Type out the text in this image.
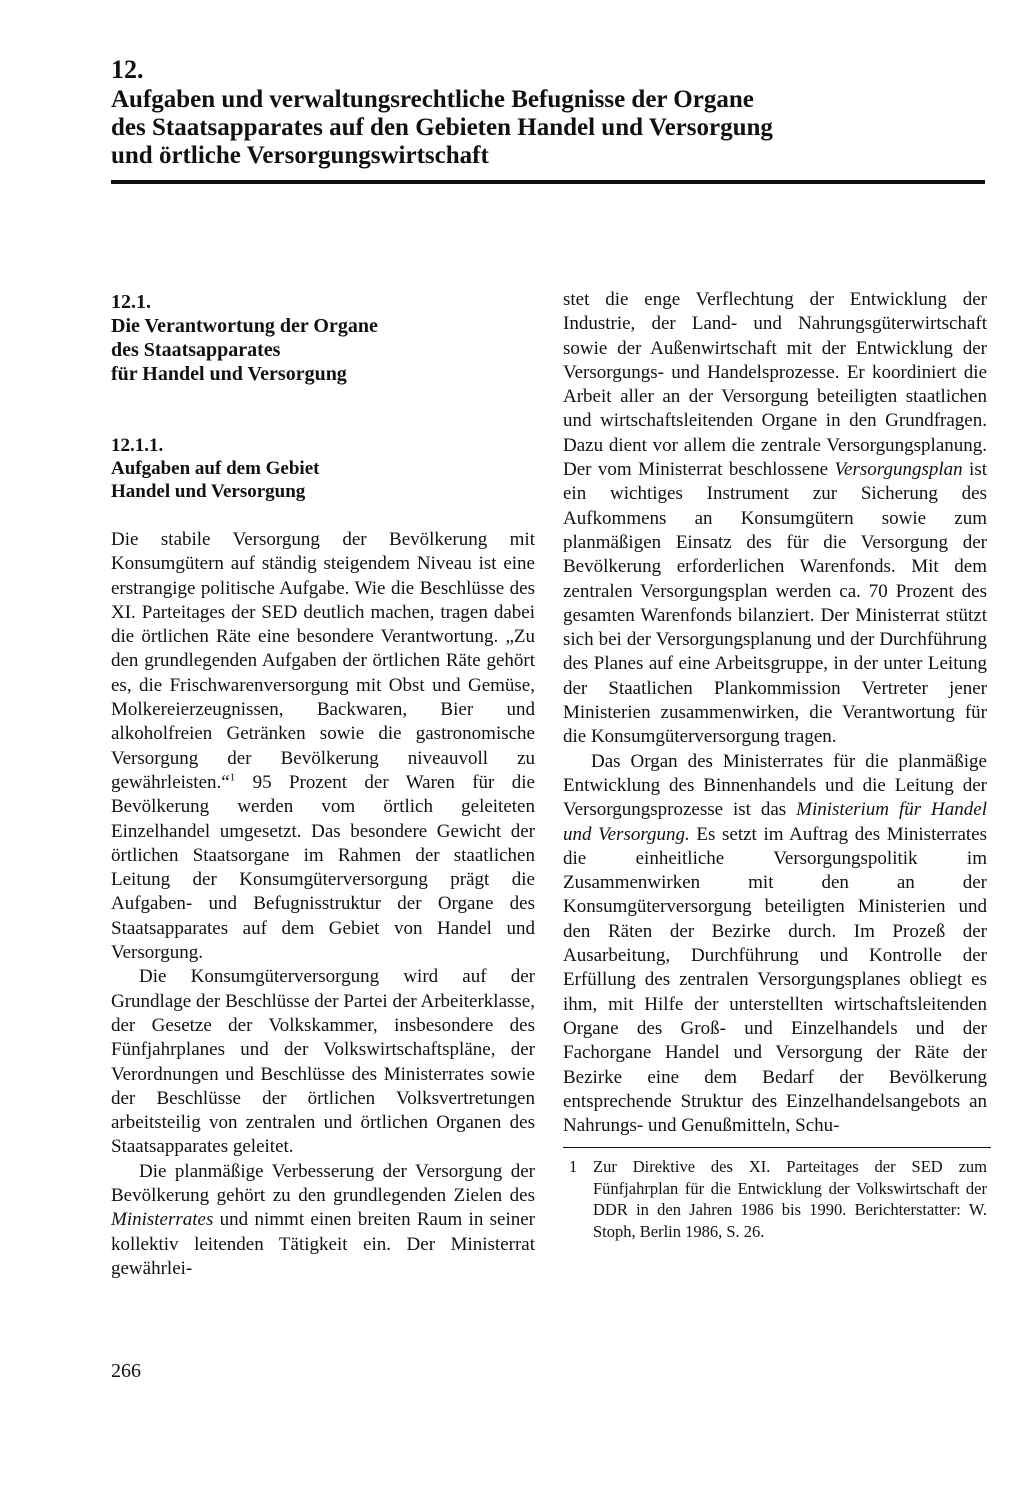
12.
Aufgaben und verwaltungsrechtliche Befugnisse der Organe
des Staatsapparates auf den Gebieten Handel und Versorgung
und örtliche Versorgungswirtschaft
12.1.
Die Verantwortung der Organe
des Staatsapparates
für Handel und Versorgung
12.1.1.
Aufgaben auf dem Gebiet
Handel und Versorgung

Die stabile Versorgung der Bevölkerung mit Konsumgütern auf ständig steigendem Niveau ist eine erstrangige politische Aufgabe. Wie die Beschlüsse des XI. Parteitages der SED deutlich machen, tragen dabei die örtlichen Räte eine besondere Verantwortung. „Zu den grundlegenden Aufgaben der örtlichen Räte gehört es, die Frischwarenversorgung mit Obst und Gemüse, Molkereierzeugnissen, Backwaren, Bier und alkoholfreien Getränken sowie die gastronomische Versorgung der Bevölkerung niveauvoll zu gewährleisten.“$^1$ 95 Prozent der Waren für die Bevölkerung werden vom örtlich geleiteten Einzelhandel umgesetzt. Das besondere Gewicht der örtlichen Staatsorgane im Rahmen der staatlichen Leitung der Konsumgüterversorgung prägt die Aufgaben- und Befugnisstruktur der Organe des Staatsapparates auf dem Gebiet von Handel und Versorgung.

Die Konsumgüterversorgung wird auf der Grundlage der Beschlüsse der Partei der Arbeiterklasse, der Gesetze der Volkskammer, insbesondere des Fünfjahrplanes und der Volkswirtschaftspläne, der Verordnungen und Beschlüsse des Ministerrates sowie der Beschlüsse der örtlichen Volksvertretungen arbeitsteilig von zentralen und örtlichen Organen des Staatsapparates geleitet.

Die planmäßige Verbesserung der Versorgung der Bevölkerung gehört zu den grundlegenden Zielen des Ministerrates und nimmt einen breiten Raum in seiner kollektiv leitenden Tätigkeit ein. Der Ministerrat gewährlei-

stet die enge Verflechtung der Entwicklung der Industrie, der Land- und Nahrungsgüterwirtschaft sowie der Außenwirtschaft mit der Entwicklung der Versorgungs- und Handelsprozesse. Er koordiniert die Arbeit aller an der Versorgung beteiligten staatlichen und wirtschaftsleitenden Organe in den Grundfragen. Dazu dient vor allem die zentrale Versorgungsplanung. Der vom Ministerrat beschlossene Versorgungsplan ist ein wichtiges Instrument zur Sicherung des Aufkommens an Konsumgütern sowie zum planmäßigen Einsatz des für die Versorgung der Bevölkerung erforderlichen Warenfonds. Mit dem zentralen Versorgungsplan werden ca. 70 Prozent des gesamten Warenfonds bilanziert. Der Ministerrat stützt sich bei der Versorgungsplanung und der Durchführung des Planes auf eine Arbeitsgruppe, in der unter Leitung der Staatlichen Plankommission Vertreter jener Ministerien zusammenwirken, die Verantwortung für die Konsumgüterversorgung tragen.

Das Organ des Ministerrates für die planmäßige Entwicklung des Binnenhandels und die Leitung der Versorgungsprozesse ist das Ministerium für Handel und Versorgung. Es setzt im Auftrag des Ministerrates die einheitliche Versorgungspolitik im Zusammenwirken mit den an der Konsumgüterversorgung beteiligten Ministerien und den Räten der Bezirke durch. Im Prozeß der Ausarbeitung, Durchführung und Kontrolle der Erfüllung des zentralen Versorgungsplanes obliegt es ihm, mit Hilfe der unterstellten wirtschaftsleitenden Organe des Groß- und Einzelhandels und der Fachorgane Handel und Versorgung der Räte der Bezirke eine dem Bedarf der Bevölkerung entsprechende Struktur des Einzelhandelsangebots an Nahrungs- und Genußmitteln, Schu-

1 Zur Direktive des XI. Parteitages der SED zum Fünfjahrplan für die Entwicklung der Volkswirtschaft der DDR in den Jahren 1986 bis 1990. Berichterstatter: W. Stoph, Berlin 1986, S. 26.

266
